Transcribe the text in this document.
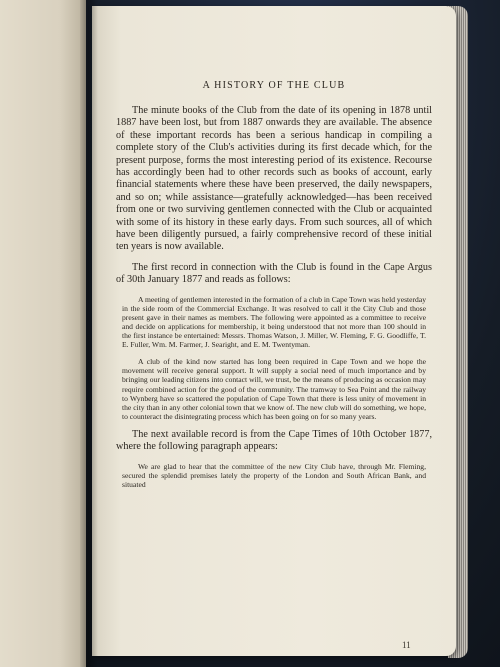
A HISTORY OF THE CLUB

The minute books of the Club from the date of its opening in 1878 until 1887 have been lost, but from 1887 onwards they are available. The absence of these important records has been a serious handicap in compiling a complete story of the Club's activities during its first decade which, for the present purpose, forms the most interesting period of its existence. Recourse has accordingly been had to other records such as books of account, early financial statements where these have been preserved, the daily newspapers, and so on; while assistance—gratefully acknowledged—has been received from one or two surviving gentlemen connected with the Club or acquainted with some of its history in these early days. From such sources, all of which have been diligently pursued, a fairly comprehensive record of these initial ten years is now available.

The first record in connection with the Club is found in the Cape Argus of 30th January 1877 and reads as follows:

A meeting of gentlemen interested in the formation of a club in Cape Town was held yesterday in the side room of the Commercial Exchange. It was resolved to call it the City Club and those present gave in their names as members. The following were appointed as a committee to receive and decide on applications for membership, it being understood that not more than 100 should in the first instance be entertained: Messrs. Thomas Watson, J. Miller, W. Fleming, F. G. Goodliffe, T. E. Fuller, Wm. M. Farmer, J. Searight, and E. M. Twentyman.

A club of the kind now started has long been required in Cape Town and we hope the movement will receive general support. It will supply a social need of much importance and by bringing our leading citizens into contact will, we trust, be the means of producing as occasion may require combined action for the good of the community. The tramway to Sea Point and the railway to Wynberg have so scattered the population of Cape Town that there is less unity of movement in the city than in any other colonial town that we know of. The new club will do something, we hope, to counteract the disintegrating process which has been going on for so many years.

The next available record is from the Cape Times of 10th October 1877, where the following paragraph appears:

We are glad to hear that the committee of the new City Club have, through Mr. Fleming, secured the splendid premises lately the property of the London and South African Bank, and situated

11
